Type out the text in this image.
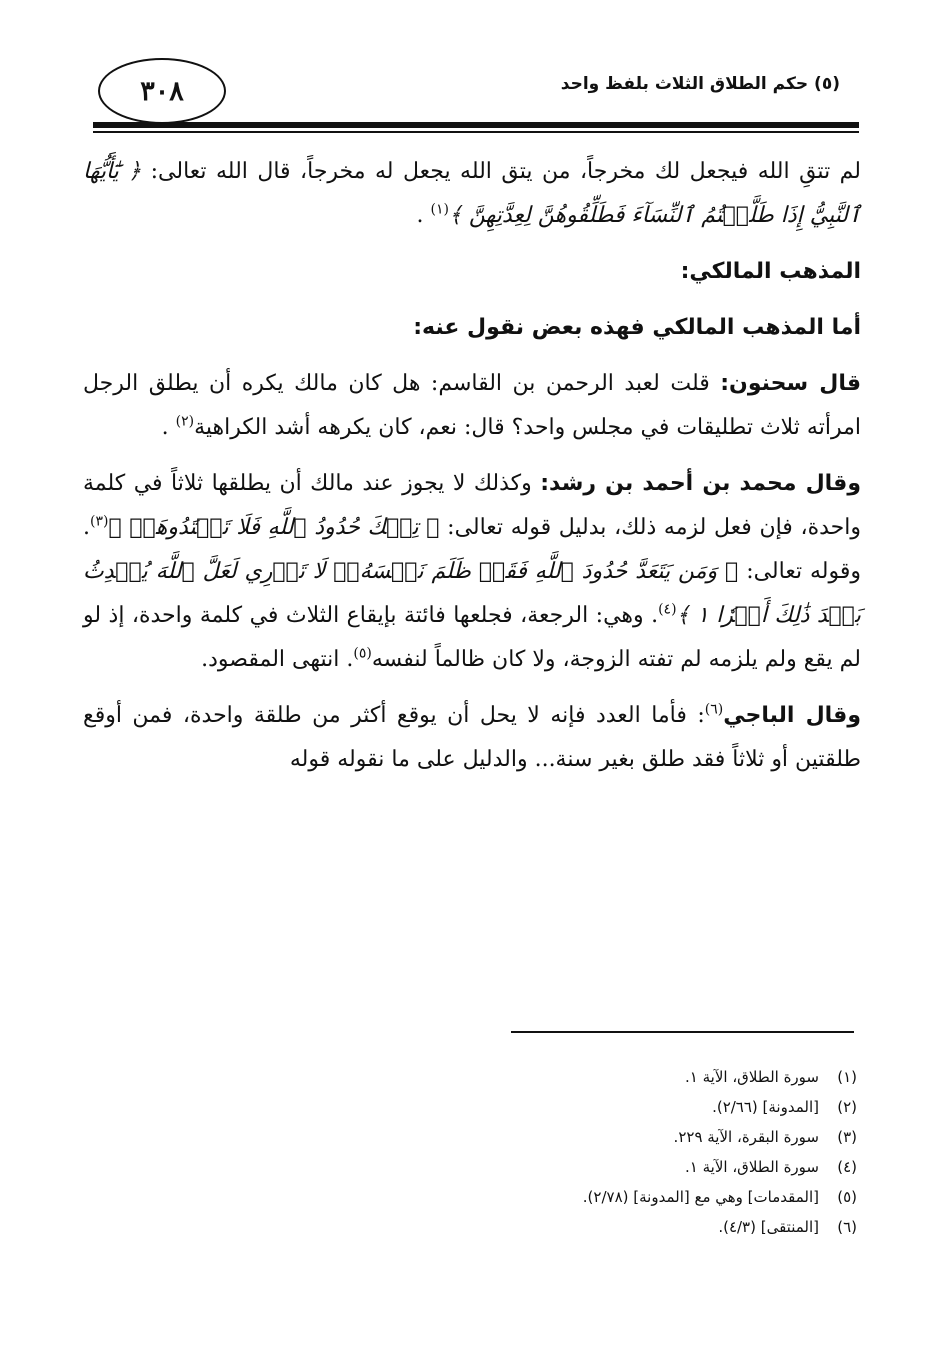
(٥) حكم الطلاق الثلاث بلفظ واحد
٣٠٨

لم تتقِ الله فيجعل لك مخرجاً، من يتق الله يجعل له مخرجاً، قال الله تعالى: ﴿ يَٰٓأَيُّهَا ٱلنَّبِيُّ إِذَا طَلَّقۡتُمُ ٱلنِّسَآءَ فَطَلِّقُوهُنَّ لِعِدَّتِهِنَّ ﴾$^{(١)}$ .

المذهب المالكي:

أما المذهب المالكي فهذه بعض نقول عنه:

قال سحنون: قلت لعبد الرحمن بن القاسم: هل كان مالك يكره أن يطلق الرجل امرأته ثلاث تطليقات في مجلس واحد؟ قال: نعم، كان يكرهه أشد الكراهية$^{(٢)}$ .

وقال محمد بن أحمد بن رشد: وكذلك لا يجوز عند مالك أن يطلقها ثلاثاً في كلمة واحدة، فإن فعل لزمه ذلك، بدليل قوله تعالى: ﴿ تِلۡكَ حُدُودُ ٱللَّهِ فَلَا تَعۡتَدُوهَاۚ ﴾$^{(٣)}$. وقوله تعالى: ﴿ وَمَن يَتَعَدَّ حُدُودَ ٱللَّهِ فَقَدۡ ظَلَمَ نَفۡسَهُۥۚ لَا تَدۡرِي لَعَلَّ ٱللَّهَ يُحۡدِثُ بَعۡدَ ذَٰلِكَ أَمۡرٗا ١ ﴾$^{(٤)}$. وهي: الرجعة، فجلعها فائتة بإيقاع الثلاث في كلمة واحدة، إذ لو لم يقع ولم يلزمه لم تفته الزوجة، ولا كان ظالماً لنفسه$^{(٥)}$. انتهى المقصود.

وقال الباجي$^{(٦)}$: فأما العدد فإنه لا يحل أن يوقع أكثر من طلقة واحدة، فمن أوقع طلقتين أو ثلاثاً فقد طلق بغير سنة... والدليل على ما نقوله قوله

(١)سورة الطلاق، الآية ١.
(٢)[المدونة] (٢/٦٦).
(٣)سورة البقرة، الآية ٢٢٩.
(٤)سورة الطلاق، الآية ١.
(٥)[المقدمات] وهي مع [المدونة] (٢/٧٨).
(٦)[المنتقى] (٤/٣).
